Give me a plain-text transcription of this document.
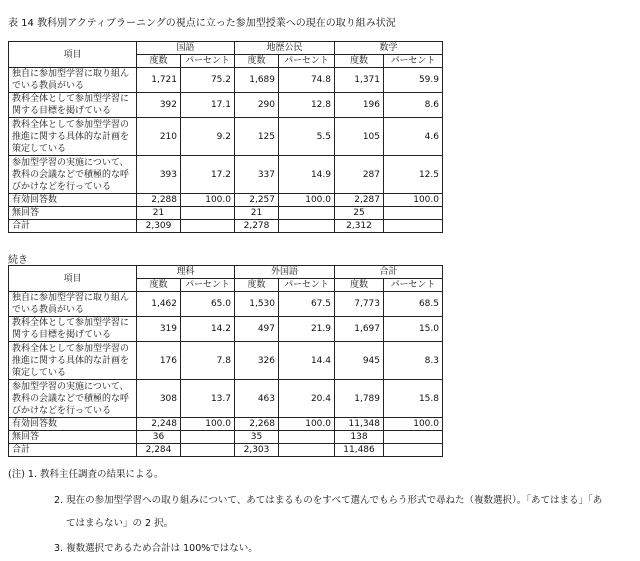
表 14 教科別アクティブラーニングの視点に立った参加型授業への現在の取り組み状況
項目	国語		地歴公民		数学	
	度数	パーセント	度数	パーセント	度数	パーセント
独自に参加型学習に取り組んでいる教員がいる	1,721	75.2	1,689	74.8	1,371	59.9
教科全体として参加型学習に関する目標を掲げている	392	17.1	290	12.8	196	8.6
教科全体として参加型学習の推進に関する具体的な計画を策定している	210	9.2	125	5.5	105	4.6
参加型学習の実施について、教科の会議などで積極的な呼びかけなどを行っている	393	17.2	337	14.9	287	12.5
有効回答数	2,288	100.0	2,257	100.0	2,287	100.0
無回答	21		21		25	
合計	2,309		2,278		2,312	
続き
項目	理科		外国語		合計	
	度数	パーセント	度数	パーセント	度数	パーセント
独自に参加型学習に取り組んでいる教員がいる	1,462	65.0	1,530	67.5	7,773	68.5
教科全体として参加型学習に関する目標を掲げている	319	14.2	497	21.9	1,697	15.0
教科全体として参加型学習の推進に関する具体的な計画を策定している	176	7.8	326	14.4	945	8.3
参加型学習の実施について、教科の会議などで積極的な呼びかけなどを行っている	308	13.7	463	20.4	1,789	15.8
有効回答数	2,248	100.0	2,268	100.0	11,348	100.0
無回答	36		35		138	
合計	2,284		2,303		11,486	
(注) 1. 教科主任調査の結果による。
2. 現在の参加型学習への取り組みについて、あてはまるものをすべて選んでもらう形式で尋ねた（複数選択）。「あてはまる」「あ
てはまらない」の 2 択。
3. 複数選択であるため合計は 100%ではない。
